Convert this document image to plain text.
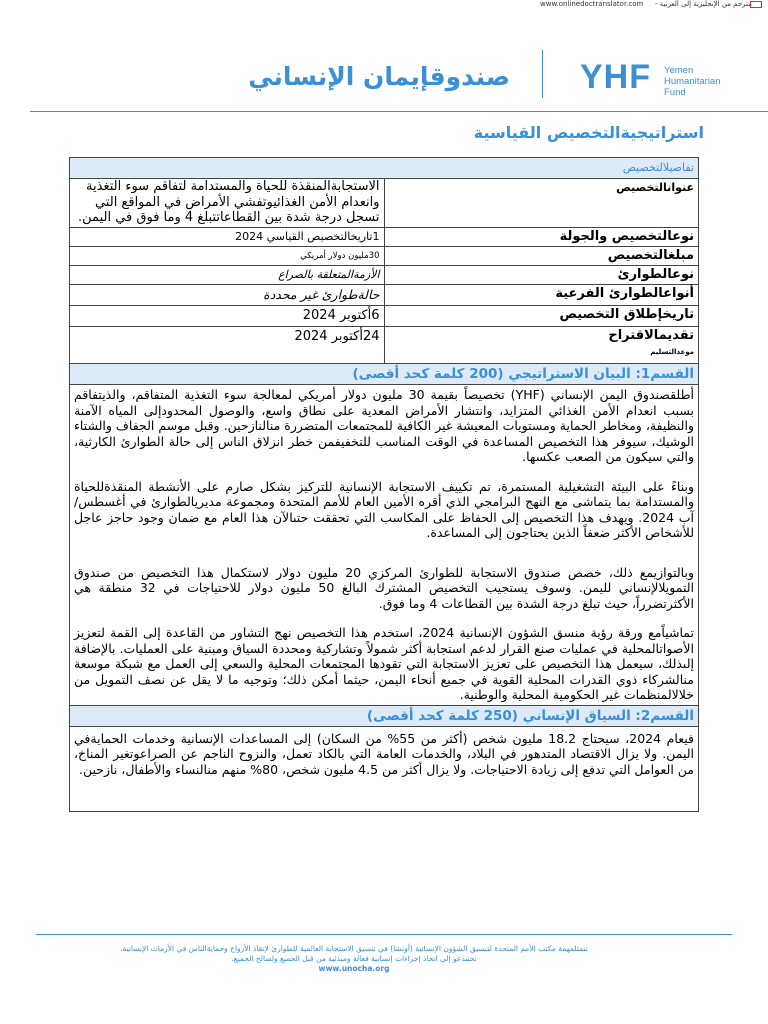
www.onlinedoctranslator.com مترجم من الإنجليزية إلى العربية -
YHF Yemen
Humanitarian
Fund
صندوقإيمان الإنساني
استراتيجيةالتخصيص القياسية
تفاصيلالتخصيص	
عنوانالتخصيص	الاستجابةالمنقذة للحياة والمستدامة لتفاقم سوء التغذية وانعدام الأمن الغذائيوتفشي الأمراض في المواقع التي تسجل درجة شدة بين القطاعاتتبلغ 4 وما فوق في اليمن.
نوعالتخصيص والجولة	1تاريخالتخصيص القياسي 2024
مبلغالتخصيص	30مليون دولار أمريكي
نوعالطوارئ	الأزمةالمتعلقة بالصراع
أنواعالطوارئ الفرعية	حالةطوارئ غير محددة
تاريخإطلاق التخصيص	6أكتوبر 2024
تقديمالاقتراح
موعدالتسليم	24أكتوبر 2024
القسم1: البيان الاستراتيجي (200 كلمة كحد أقصى)	

أطلقصندوق اليمن الإنساني (YHF) تخصيصاً بقيمة 30 مليون دولار أمريكي لمعالجة سوء التغذية المتفاقم، والذيتفاقم بسبب انعدام الأمن الغذائي المتزايد، وانتشار الأمراض المعدية على نطاق واسع، والوصول المحدودإلى المياه الآمنة والنظيفة، ومخاطر الحماية ومستويات المعيشة غير الكافية للمجتمعات المتضررة منالنازحين. وقبل موسم الجفاف والشتاء الوشيك، سيوفر هذا التخصيص المساعدة في الوقت المناسب للتخفيفمن خطر انزلاق الناس إلى حالة الطوارئ الكارثية، والتي سيكون من الصعب عكسها.

وبناءً على البيئة التشغيلية المستمرة، تم تكييف الاستجابة الإنسانية للتركيز بشكل صارم على الأنشطة المنقذةللحياة والمستدامة بما يتماشى مع النهج البرامجي الذي أقره الأمين العام للأمم المتحدة ومجموعة مديريالطوارئ في أغسطس/آب 2024. ويهدف هذا التخصيص إلى الحفاظ على المكاسب التي تحققت حتىالآن هذا العام مع ضمان وجود حاجز عاجل للأشخاص الأكثر ضعفاً الذين يحتاجون إلى المساعدة.

وبالتوازيمع ذلك، خصص صندوق الاستجابة للطوارئ المركزي 20 مليون دولار لاستكمال هذا التخصيص من صندوق التمويلالإنساني لليمن. وسوف يستجيب التخصيص المشترك البالغ 50 مليون دولار للاحتياجات في 32 منطقة هي الأكثرتضرراً، حيث تبلغ درجة الشدة بين القطاعات 4 وما فوق.

تماشياًمع ورقة رؤية منسق الشؤون الإنسانية 2024، استخدم هذا التخصيص نهج التشاور من القاعدة إلى القمة لتعزيز الأصواتالمحلية في عمليات صنع القرار لدعم استجابة أكثر شمولاً وتشاركية ومحددة السياق ومبنية على العمليات. بالإضافة إلىذلك، سيعمل هذا التخصيص على تعزيز الاستجابة التي تقودها المجتمعات المحلية والسعي إلى العمل مع شبكة موسعة منالشركاء ذوي القدرات المحلية القوية في جميع أنحاء اليمن، حيثما أمكن ذلك؛ وتوجيه ما لا يقل عن نصف التمويل من خلالالمنظمات غير الحكومية المحلية والوطنية.	

القسم2: السياق الإنساني (250 كلمة كحد أقصى)	

فيعام 2024، سيحتاج 18.2 مليون شخص (أكثر من 55% من السكان) إلى المساعدات الإنسانية وخدمات الحمايةفي اليمن. ولا يزال الاقتصاد المتدهور في البلاد، والخدمات العامة التي بالكاد تعمل، والنزوح الناجم عن الصراعوتغير المناخ، من العوامل التي تدفع إلى زيادة الاحتياجات. ولا يزال أكثر من 4.5 مليون شخص، 80% منهم منالنساء والأطفال، نازحين.	

تتمثلمهمة مكتب الأمم المتحدة لتنسيق الشؤون الإنسانية (أوتشا) في تنسيق الاستجابة العالمية للطوارئ لإنقاذ الأرواح وحمايةالناس في الأزمات الإنسانية.
نحننذعو إلى اتخاذ إجراءات إنسانية فعالة ومبدئية من قبل الجميع ولصالح الجميع.
www.unocha.org
